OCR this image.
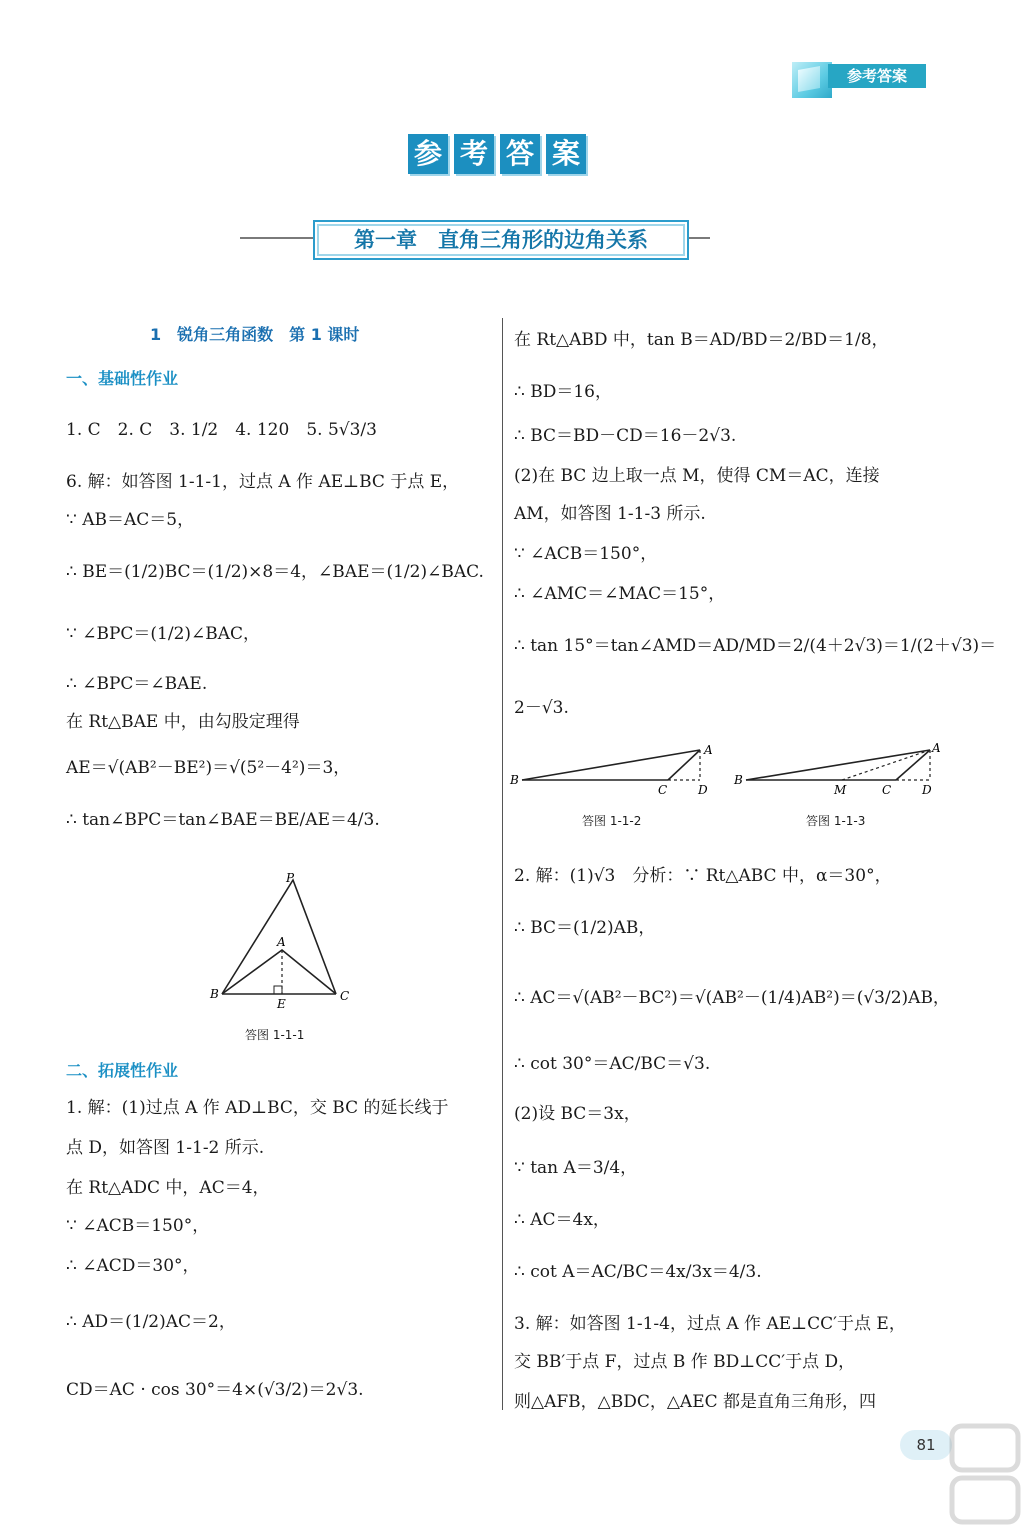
参考答案
参 考 答 案
第一章　直角三角形的边角关系
1　锐角三角函数　第 1 课时
一、基础性作业
1. C　2. C　3. 1/2　4. 120　5. 5√3/3
6. 解：如答图 1-1-1，过点 A 作 AE⊥BC 于点 E，
∵ AB＝AC＝5，
∴ BE＝(1/2)BC＝(1/2)×8＝4，∠BAE＝(1/2)∠BAC.
∵ ∠BPC＝(1/2)∠BAC，
∴ ∠BPC＝∠BAE.
在 Rt△BAE 中，由勾股定理得
AE＝√(AB²－BE²)＝√(5²－4²)＝3，
∴ tan∠BPC＝tan∠BAE＝BE/AE＝4/3.
P
A
B
E
C
答图 1-1-1
二、拓展性作业
1. 解：(1)过点 A 作 AD⊥BC，交 BC 的延长线于
点 D，如答图 1-1-2 所示.
在 Rt△ADC 中，AC＝4，
∵ ∠ACB＝150°，
∴ ∠ACD＝30°，
∴ AD＝(1/2)AC＝2，
CD＝AC · cos 30°＝4×(√3/2)＝2√3.
在 Rt△ABD 中，tan B＝AD/BD＝2/BD＝1/8，
∴ BD＝16，
∴ BC＝BD－CD＝16－2√3.
(2)在 BC 边上取一点 M，使得 CM＝AC，连接
AM，如答图 1-1-3 所示.
∵ ∠ACB＝150°，
∴ ∠AMC＝∠MAC＝15°，
∴ tan 15°＝tan∠AMD＝AD/MD＝2/(4＋2√3)＝1/(2＋√3)＝
2－√3.
A
B
C	D
答图 1-1-2
A
B
M	C	D
答图 1-1-3
2. 解：(1)√3　分析：∵ Rt△ABC 中，α＝30°，
∴ BC＝(1/2)AB，
∴ AC＝√(AB²－BC²)＝√(AB²－(1/4)AB²)＝(√3/2)AB，
∴ cot 30°＝AC/BC＝√3.
(2)设 BC＝3x，
∵ tan A＝3/4，
∴ AC＝4x，
∴ cot A＝AC/BC＝4x/3x＝4/3.
3. 解：如答图 1-1-4，过点 A 作 AE⊥CC′于点 E，
交 BB′于点 F，过点 B 作 BD⊥CC′于点 D，
则△AFB，△BDC，△AEC 都是直角三角形，四
81
